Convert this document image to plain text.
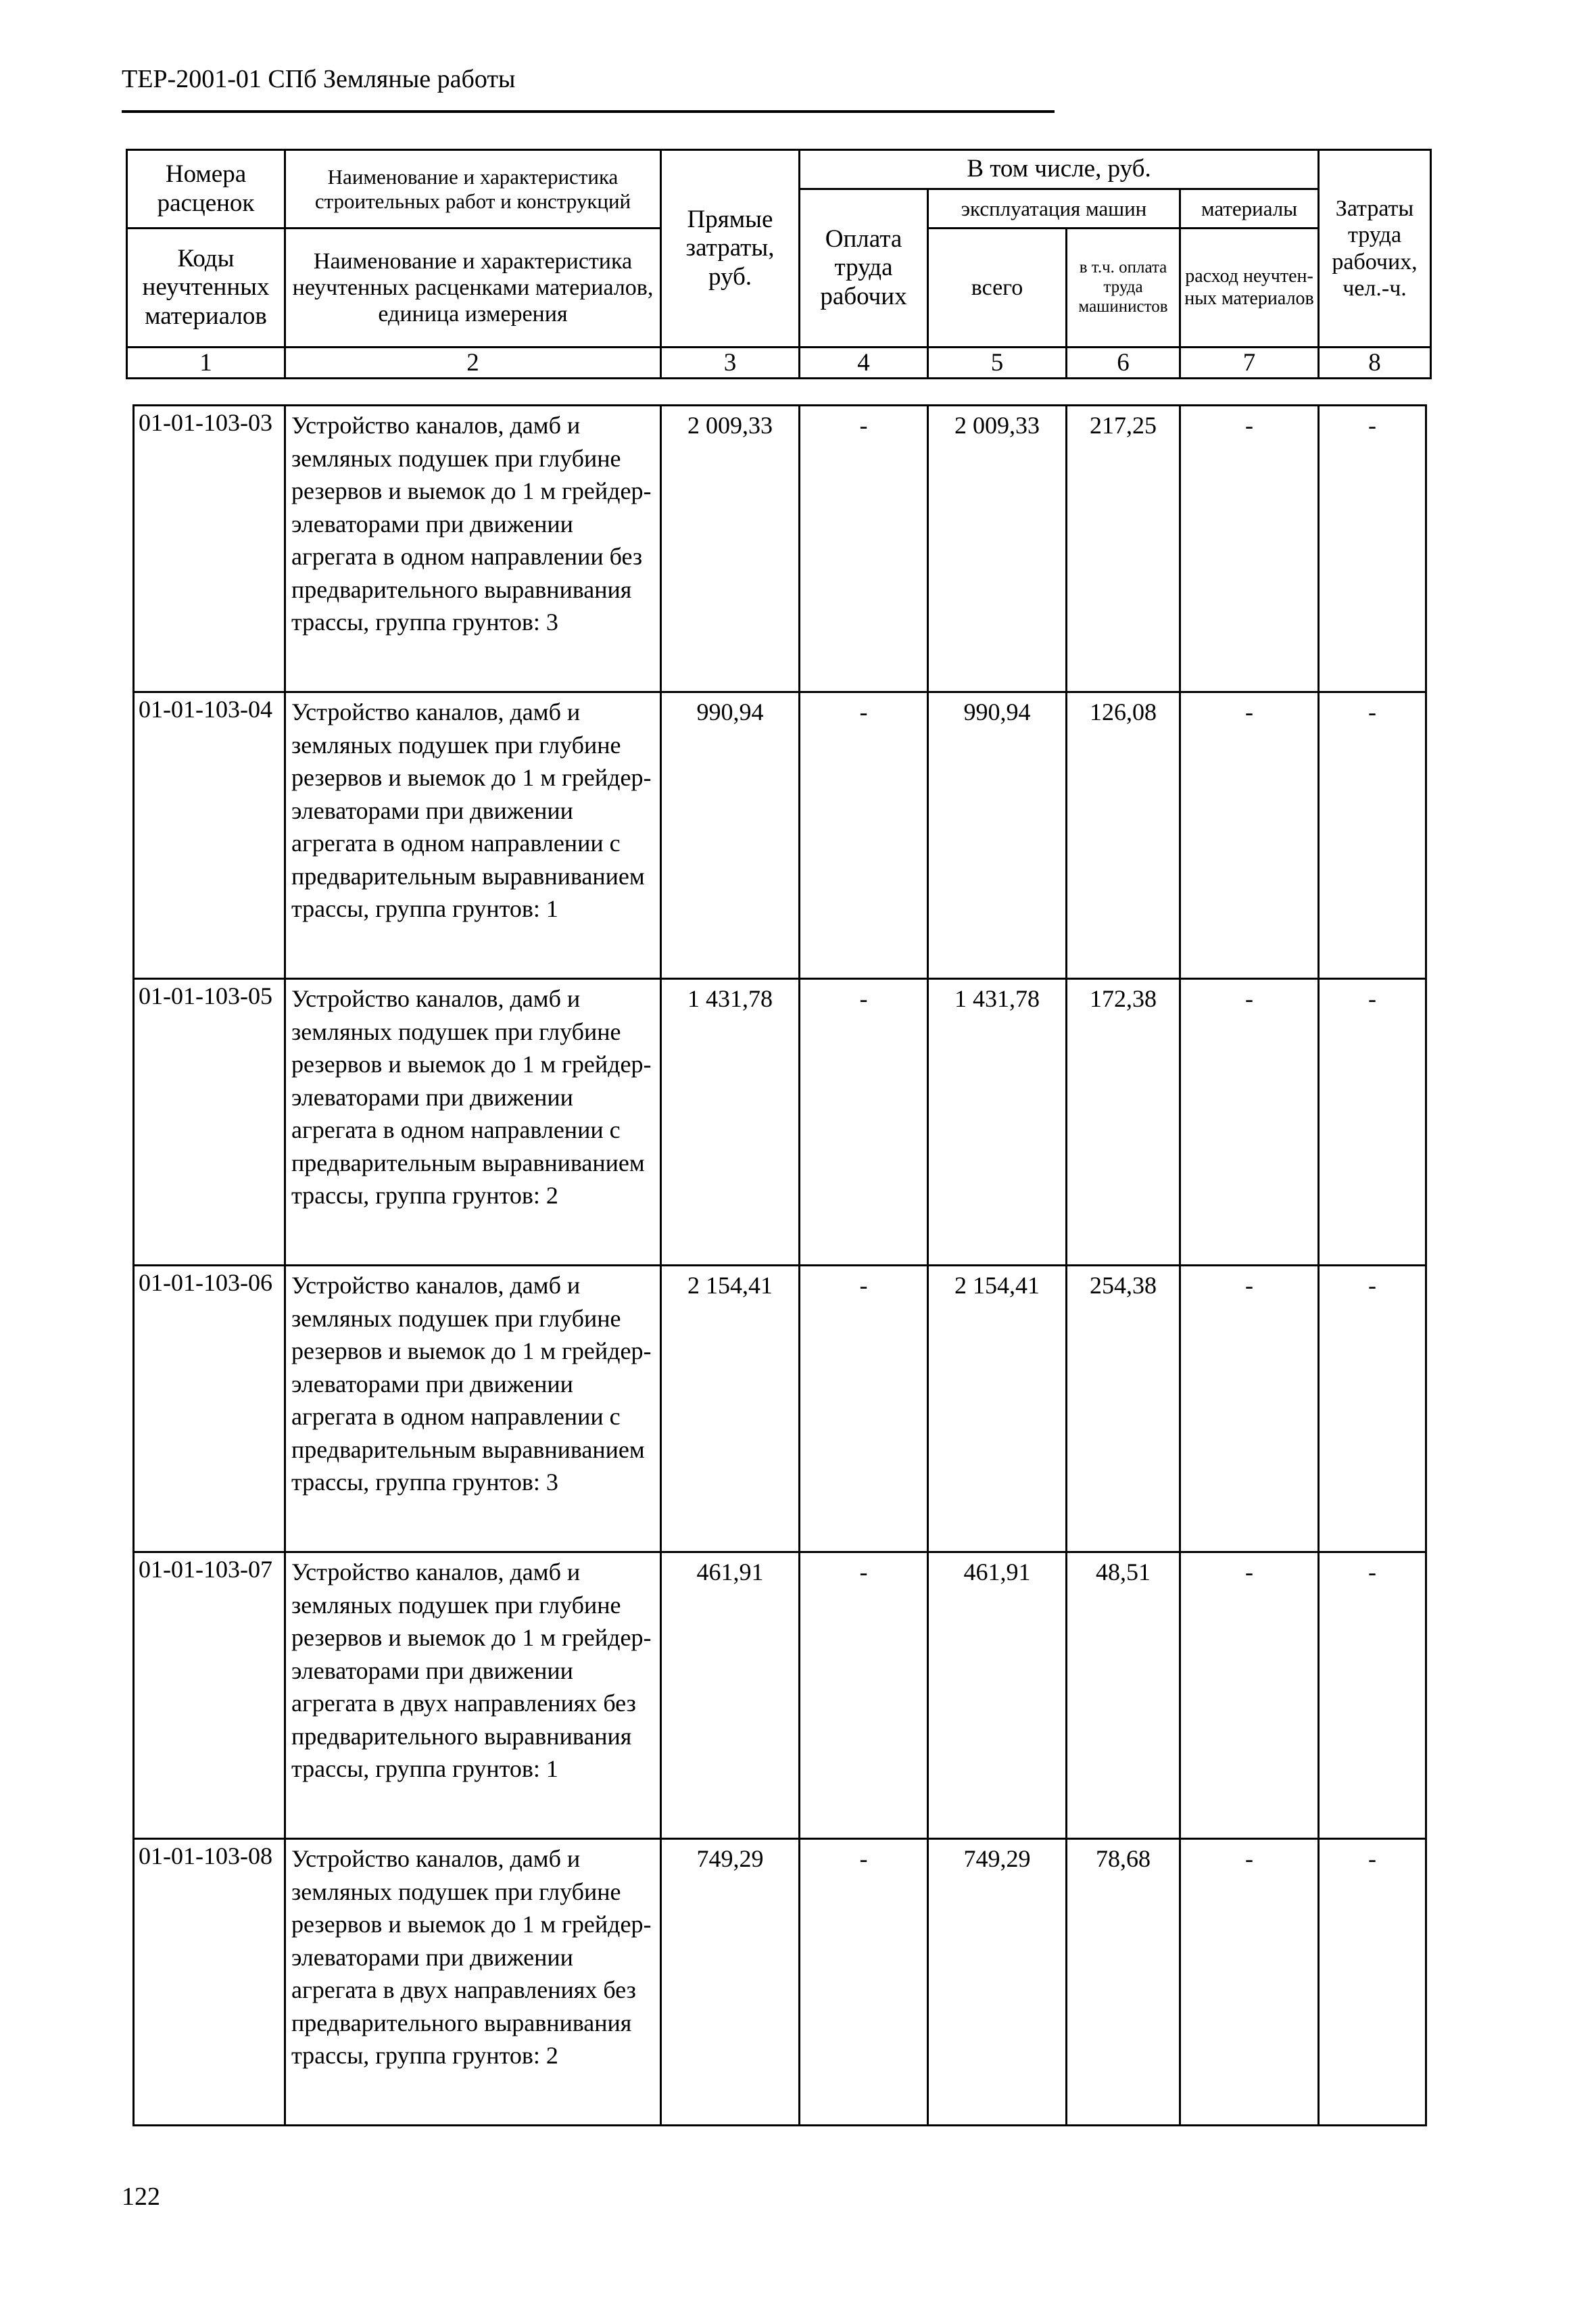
ТЕР-2001-01 СПб Земляные работы
Номера расценок	Наименование и характеристика строительных работ и конструкций	Прямые затраты, руб.	В том числе, руб.				Затраты труда рабочих, чел.-ч.
			Оплата труда рабочих	эксплуатация машин		материалы	
Коды неучтенных материалов	Наименование и характеристика неучтенных расценками материалов, единица измерения			всего	в т.ч. оплата труда машинистов	расход неучтен-ных материалов	
1	2	3	4	5	6	7	8
01-01-103-03	Устройство каналов, дамб и земляных подушек при глубине резервов и выемок до 1 м грейдер-элеваторами при движении агрегата в одном направлении без предварительного выравнивания трассы, группа грунтов: 3	2 009,33	-	2 009,33	217,25	-	-
01-01-103-04	Устройство каналов, дамб и земляных подушек при глубине резервов и выемок до 1 м грейдер-элеваторами при движении агрегата в одном направлении с предварительным выравниванием трассы, группа грунтов: 1	990,94	-	990,94	126,08	-	-
01-01-103-05	Устройство каналов, дамб и земляных подушек при глубине резервов и выемок до 1 м грейдер-элеваторами при движении агрегата в одном направлении с предварительным выравниванием трассы, группа грунтов: 2	1 431,78	-	1 431,78	172,38	-	-
01-01-103-06	Устройство каналов, дамб и земляных подушек при глубине резервов и выемок до 1 м грейдер-элеваторами при движении агрегата в одном направлении с предварительным выравниванием трассы, группа грунтов: 3	2 154,41	-	2 154,41	254,38	-	-
01-01-103-07	Устройство каналов, дамб и земляных подушек при глубине резервов и выемок до 1 м грейдер-элеваторами при движении агрегата в двух направлениях без предварительного выравнивания трассы, группа грунтов: 1	461,91	-	461,91	48,51	-	-
01-01-103-08	Устройство каналов, дамб и земляных подушек при глубине резервов и выемок до 1 м грейдер-элеваторами при движении агрегата в двух направлениях без предварительного выравнивания трассы, группа грунтов: 2	749,29	-	749,29	78,68	-	-
122
